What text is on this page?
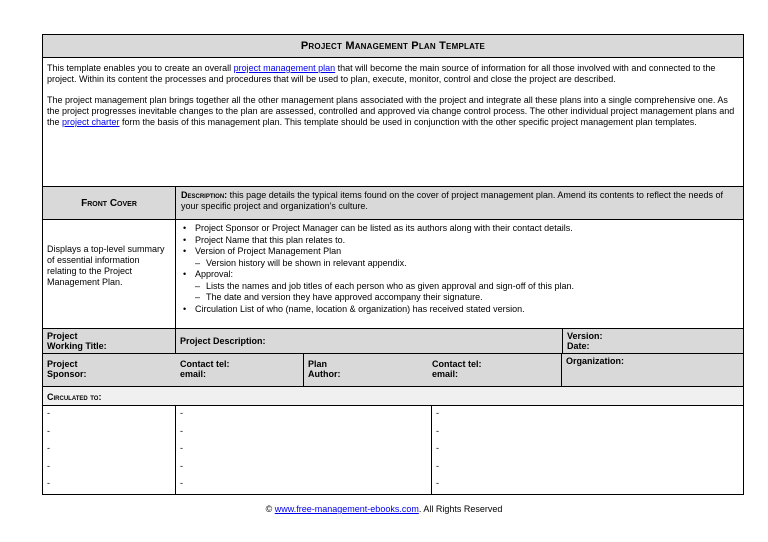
Project Management Plan Template

This template enables you to create an overall project management plan that will become the main source of information for all those involved with and connected to the project. Within its content the processes and procedures that will be used to plan, execute, monitor, control and close the project are described.

The project management plan brings together all the other management plans associated with the project and integrate all these plans into a single comprehensive one. As the project progresses inevitable changes to the plan are assessed, controlled and approved via change control process. The other individual project management plans and the project charter form the basis of this management plan. This template should be used in conjunction with the other specific project management plan templates.

Front Cover
Description: this page details the typical items found on the cover of project management plan. Amend its contents to reflect the needs of your specific project and organization’s culture.
Displays a top-level summary of essential information relating to the Project Management Plan.
• Project Sponsor or Project Manager can be listed as its authors along with their contact details.
• Project Name that this plan relates to.
• Version of Project Management Plan
– Version history will be shown in relevant appendix.
• Approval:
– Lists the names and job titles of each person who as given approval and sign-off of this plan.
– The date and version they have approved accompany their signature.
• Circulation List of who (name, location & organization) has received stated version.
Project
Working Title:	Project Description:	Version:
Date:
Project
Sponsor:
Contact tel:
email:
Plan
Author:
Contact tel:
email:
Organization:
Circulated to:
-
-
-
-
-
-
-
-
-
-
-
-
-
-
-
© www.free-management-ebooks.com. All Rights Reserved
